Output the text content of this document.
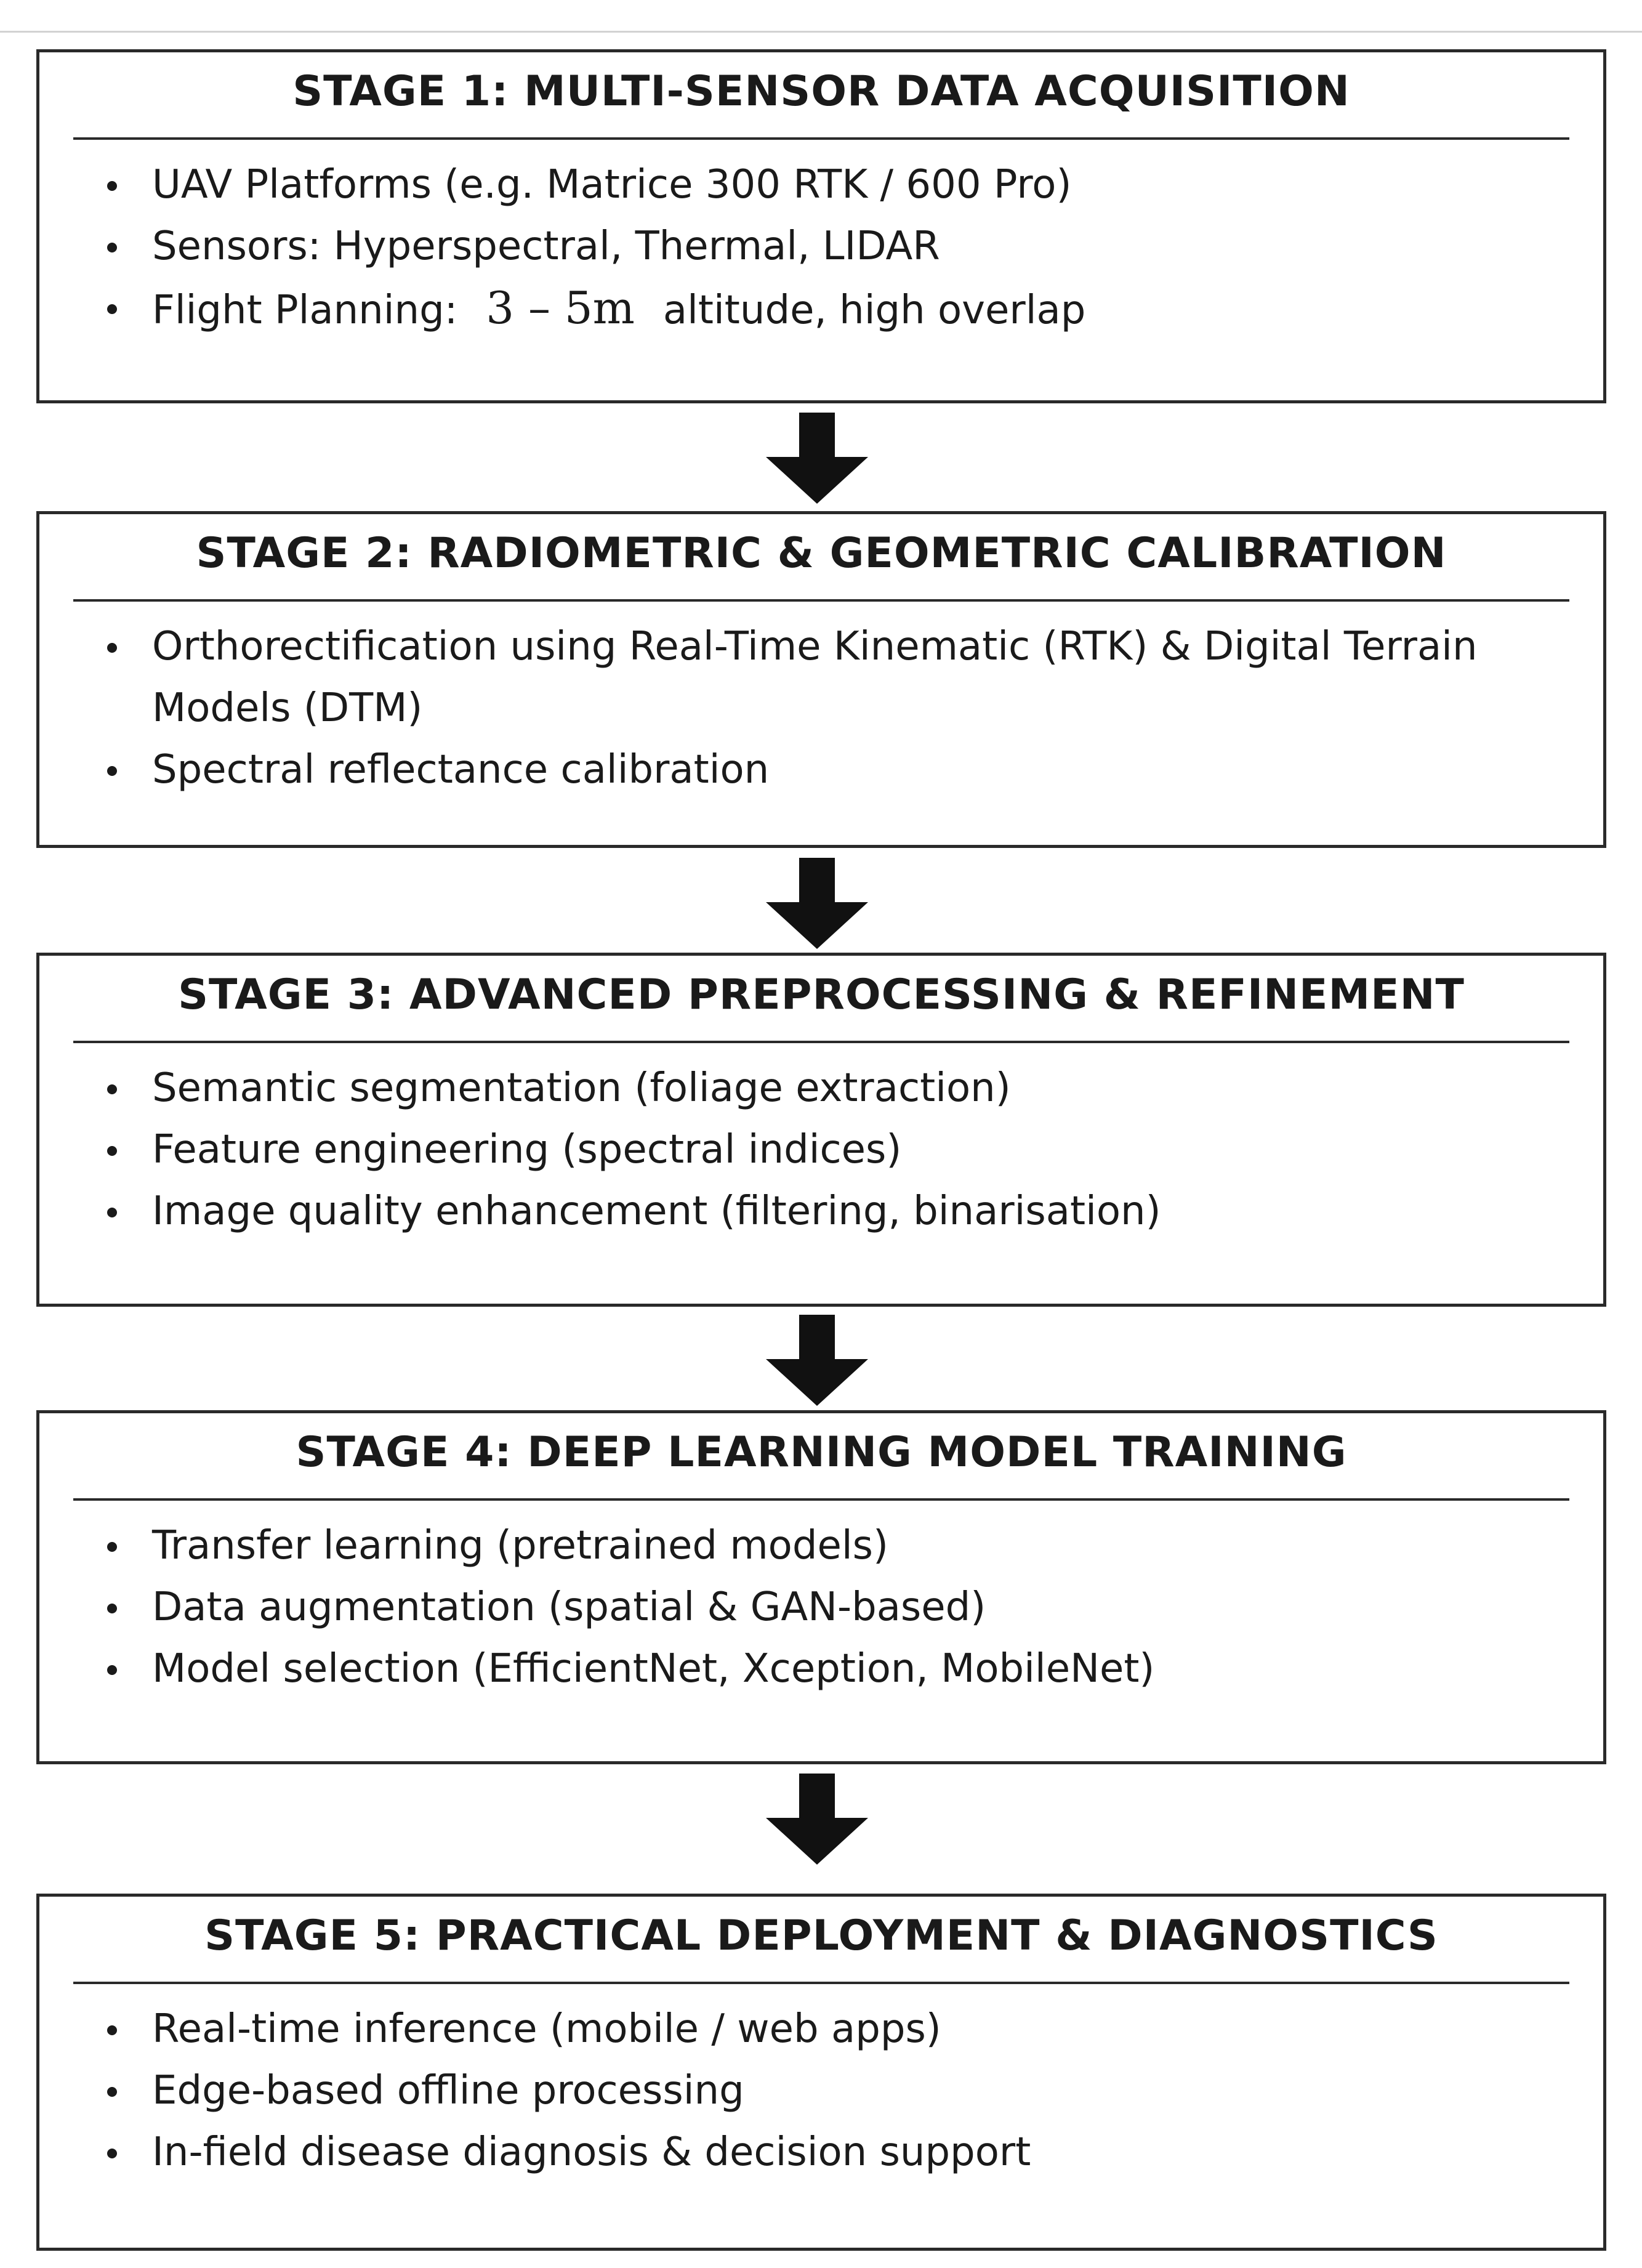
STAGE 1: MULTI-SENSOR DATA ACQUISITION
UAV Platforms (e.g. Matrice 300 RTK / 600 Pro)
Sensors: Hyperspectral, Thermal, LIDAR
Flight Planning: 3 – 5m altitude, high overlap
STAGE 2: RADIOMETRIC & GEOMETRIC CALIBRATION
Orthorectification using Real-Time Kinematic (RTK) & Digital Terrain Models (DTM)
Spectral reflectance calibration
STAGE 3: ADVANCED PREPROCESSING & REFINEMENT
Semantic segmentation (foliage extraction)
Feature engineering (spectral indices)
Image quality enhancement (filtering, binarisation)
STAGE 4: DEEP LEARNING MODEL TRAINING
Transfer learning (pretrained models)
Data augmentation (spatial & GAN-based)
Model selection (EfficientNet, Xception, MobileNet)
STAGE 5: PRACTICAL DEPLOYMENT & DIAGNOSTICS
Real-time inference (mobile / web apps)
Edge-based offline processing
In-field disease diagnosis & decision support
